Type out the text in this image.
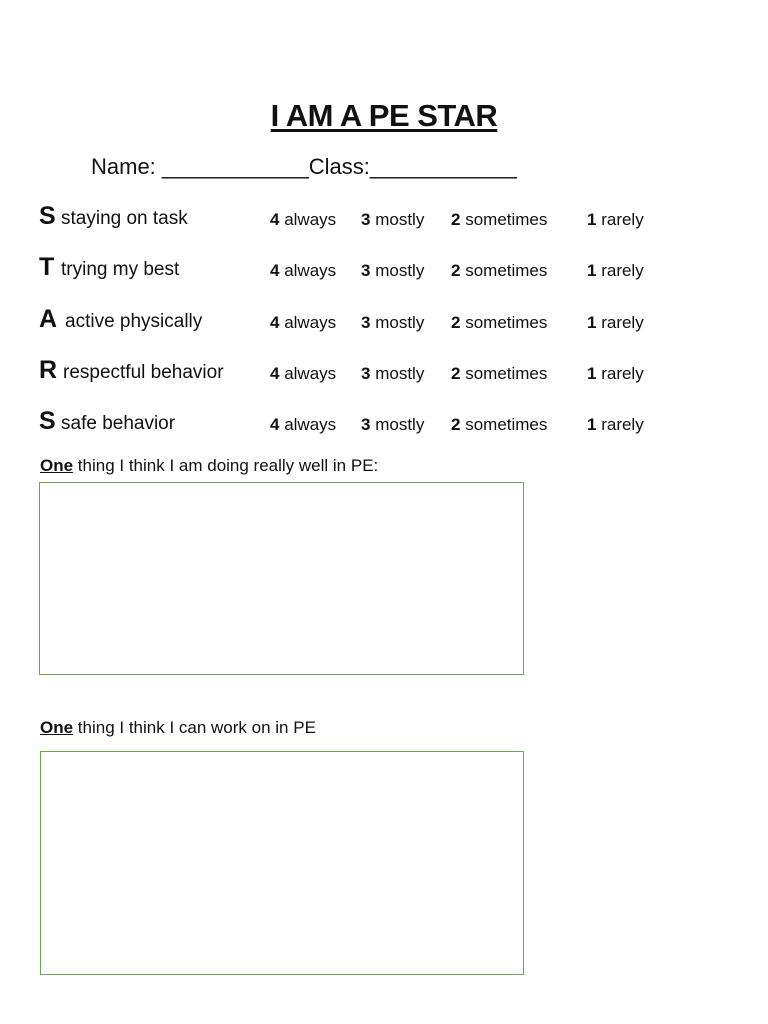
I AM A PE STAR
Name: ____________Class:____________
S staying on task	4 always 3 mostly 2 sometimes 1 rarely
T trying my best	4 always 3 mostly 2 sometimes 1 rarely
A active physically	4 always 3 mostly 2 sometimes 1 rarely
R respectful behavior	4 always 3 mostly 2 sometimes 1 rarely
S safe behavior	4 always 3 mostly 2 sometimes 1 rarely
One thing I think I am doing really well in PE:
One thing I think I can work on in PE
